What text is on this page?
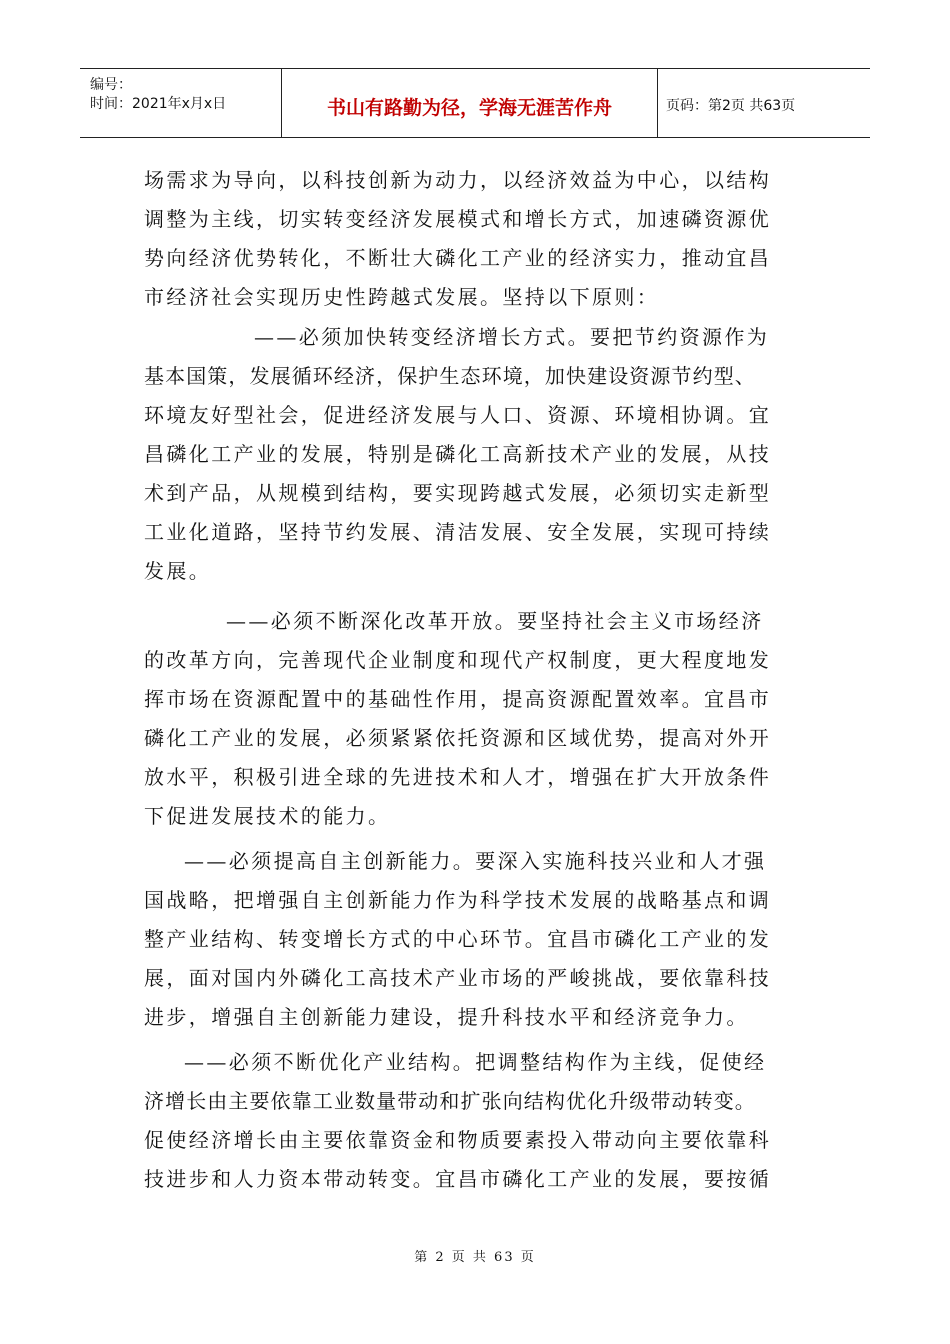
编号：
时间：2021年x月x日	书山有路勤为径，学海无涯苦作舟	页码：第2页 共63页
场需求为导向，以科技创新为动力，以经济效益为中心，以结构
调整为主线，切实转变经济发展模式和增长方式，加速磷资源优
势向经济优势转化，不断壮大磷化工产业的经济实力，推动宜昌
市经济社会实现历史性跨越式发展。坚持以下原则：
——必须加快转变经济增长方式。要把节约资源作为
基本国策，发展循环经济，保护生态环境，加快建设资源节约型、
环境友好型社会，促进经济发展与人口、资源、环境相协调。宜
昌磷化工产业的发展，特别是磷化工高新技术产业的发展，从技
术到产品，从规模到结构，要实现跨越式发展，必须切实走新型
工业化道路，坚持节约发展、清洁发展、安全发展，实现可持续
发展。
——必须不断深化改革开放。要坚持社会主义市场经济
的改革方向，完善现代企业制度和现代产权制度，更大程度地发
挥市场在资源配置中的基础性作用，提高资源配置效率。宜昌市
磷化工产业的发展，必须紧紧依托资源和区域优势，提高对外开
放水平，积极引进全球的先进技术和人才，增强在扩大开放条件
下促进发展技术的能力。
——必须提高自主创新能力。要深入实施科技兴业和人才强
国战略，把增强自主创新能力作为科学技术发展的战略基点和调
整产业结构、转变增长方式的中心环节。宜昌市磷化工产业的发
展，面对国内外磷化工高技术产业市场的严峻挑战，要依靠科技
进步，增强自主创新能力建设，提升科技水平和经济竞争力。
——必须不断优化产业结构。把调整结构作为主线，促使经
济增长由主要依靠工业数量带动和扩张向结构优化升级带动转变。
促使经济增长由主要依靠资金和物质要素投入带动向主要依靠科
技进步和人力资本带动转变。宜昌市磷化工产业的发展，要按循
第 2 页 共 63 页
